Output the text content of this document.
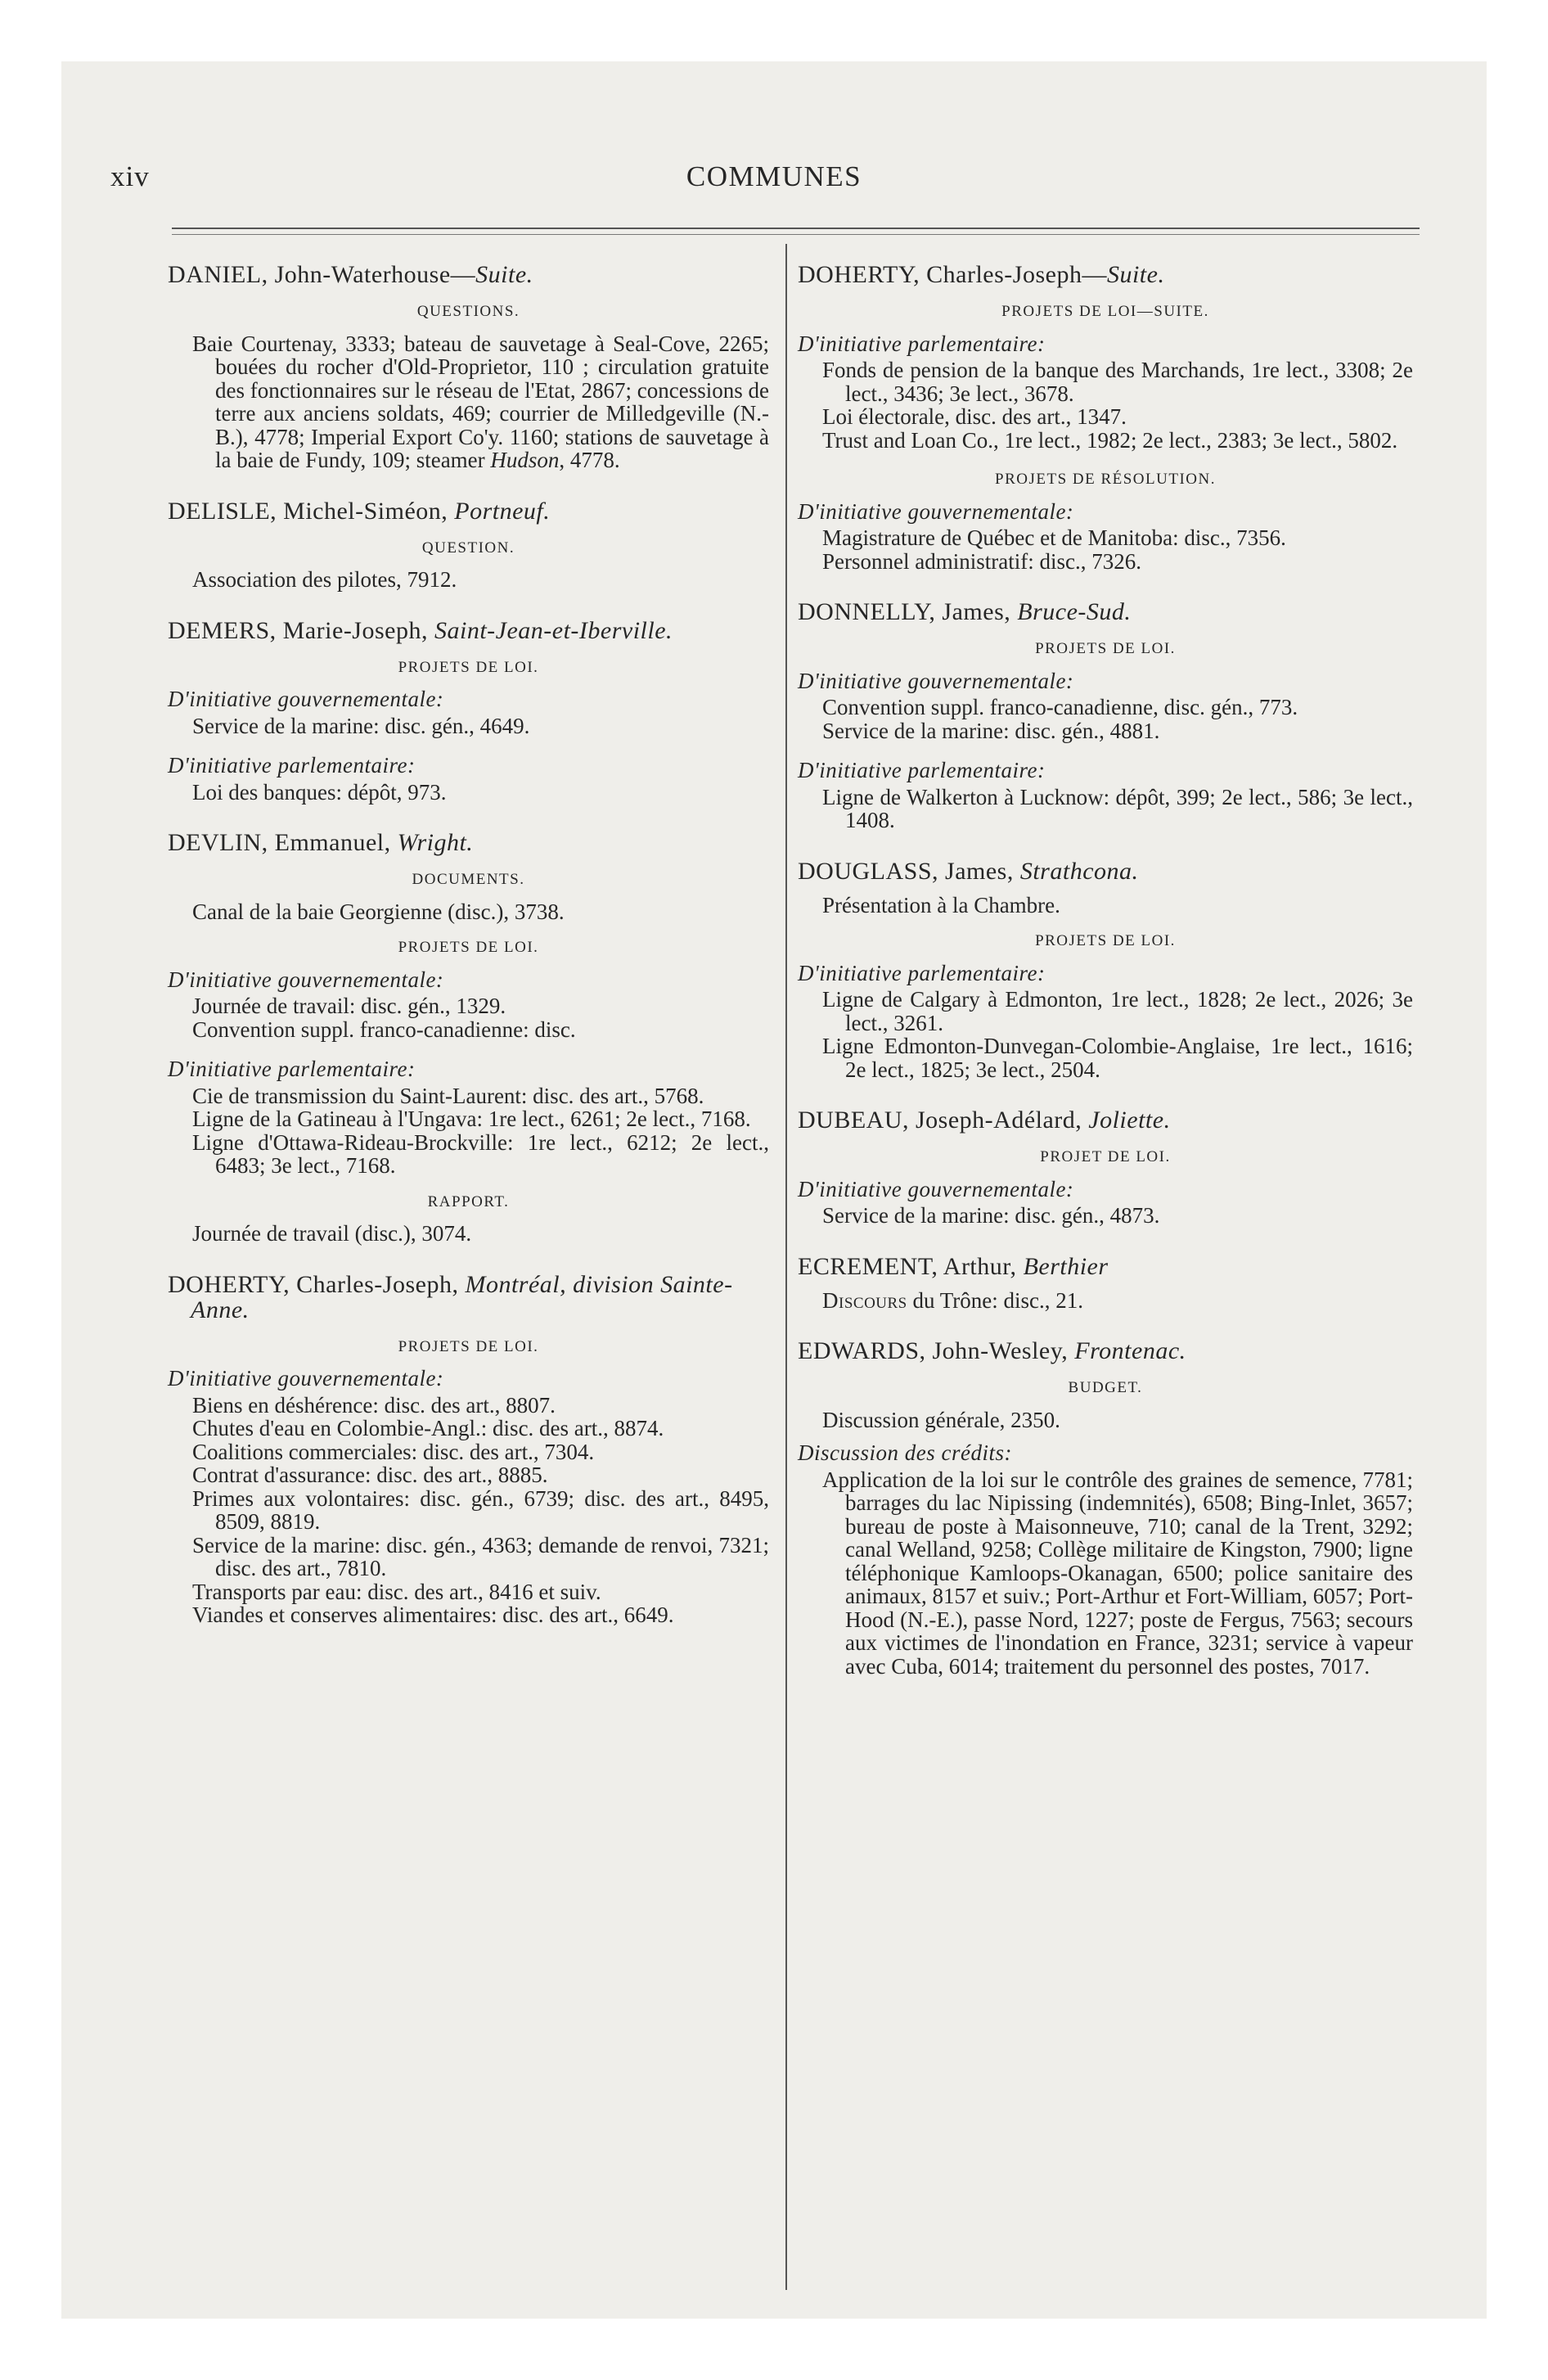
xiv	COMMUNES
DANIEL, John-Waterhouse—Suite.
QUESTIONS.
Baie Courtenay, 3333; bateau de sauvetage à Seal-Cove, 2265; bouées du rocher d'Old-Proprietor, 110 ; circulation gratuite des fonctionnaires sur le réseau de l'Etat, 2867; concessions de terre aux anciens soldats, 469; courrier de Milledgeville (N.-B.), 4778; Imperial Export Co'y. 1160; stations de sauvetage à la baie de Fundy, 109; steamer Hudson, 4778.
DELISLE, Michel-Siméon, Portneuf.
QUESTION.
Association des pilotes, 7912.
DEMERS, Marie-Joseph, Saint-Jean-et-Iberville.
PROJETS DE LOI.
D'initiative gouvernementale:
Service de la marine: disc. gén., 4649.
D'initiative parlementaire:
Loi des banques: dépôt, 973.
DEVLIN, Emmanuel, Wright.
DOCUMENTS.
Canal de la baie Georgienne (disc.), 3738.
PROJETS DE LOI.
D'initiative gouvernementale:
Journée de travail: disc. gén., 1329.
Convention suppl. franco-canadienne: disc.
D'initiative parlementaire:
Cie de transmission du Saint-Laurent: disc. des art., 5768.
Ligne de la Gatineau à l'Ungava: 1re lect., 6261; 2e lect., 7168.
Ligne d'Ottawa-Rideau-Brockville: 1re lect., 6212; 2e lect., 6483; 3e lect., 7168.
RAPPORT.
Journée de travail (disc.), 3074.
DOHERTY, Charles-Joseph, Montréal, division Sainte-Anne.
PROJETS DE LOI.
D'initiative gouvernementale:
Biens en déshérence: disc. des art., 8807.
Chutes d'eau en Colombie-Angl.: disc. des art., 8874.
Coalitions commerciales: disc. des art., 7304.
Contrat d'assurance: disc. des art., 8885.
Primes aux volontaires: disc. gén., 6739; disc. des art., 8495, 8509, 8819.
Service de la marine: disc. gén., 4363; demande de renvoi, 7321; disc. des art., 7810.
Transports par eau: disc. des art., 8416 et suiv.
Viandes et conserves alimentaires: disc. des art., 6649.
DOHERTY, Charles-Joseph—Suite.
PROJETS DE LOI—SUITE.
D'initiative parlementaire:
Fonds de pension de la banque des Marchands, 1re lect., 3308; 2e lect., 3436; 3e lect., 3678.
Loi électorale, disc. des art., 1347.
Trust and Loan Co., 1re lect., 1982; 2e lect., 2383; 3e lect., 5802.
PROJETS DE RÉSOLUTION.
D'initiative gouvernementale:
Magistrature de Québec et de Manitoba: disc., 7356.
Personnel administratif: disc., 7326.
DONNELLY, James, Bruce-Sud.
PROJETS DE LOI.
D'initiative gouvernementale:
Convention suppl. franco-canadienne, disc. gén., 773.
Service de la marine: disc. gén., 4881.
D'initiative parlementaire:
Ligne de Walkerton à Lucknow: dépôt, 399; 2e lect., 586; 3e lect., 1408.
DOUGLASS, James, Strathcona.
Présentation à la Chambre.
PROJETS DE LOI.
D'initiative parlementaire:
Ligne de Calgary à Edmonton, 1re lect., 1828; 2e lect., 2026; 3e lect., 3261.
Ligne Edmonton-Dunvegan-Colombie-Anglaise, 1re lect., 1616; 2e lect., 1825; 3e lect., 2504.
DUBEAU, Joseph-Adélard, Joliette.
PROJET DE LOI.
D'initiative gouvernementale:
Service de la marine: disc. gén., 4873.
ECREMENT, Arthur, Berthier
Discours du Trône: disc., 21.
EDWARDS, John-Wesley, Frontenac.
BUDGET.
Discussion générale, 2350.
Discussion des crédits:
Application de la loi sur le contrôle des graines de semence, 7781; barrages du lac Nipissing (indemnités), 6508; Bing-Inlet, 3657; bureau de poste à Maisonneuve, 710; canal de la Trent, 3292; canal Welland, 9258; Collège militaire de Kingston, 7900; ligne téléphonique Kamloops-Okanagan, 6500; police sanitaire des animaux, 8157 et suiv.; Port-Arthur et Fort-William, 6057; Port-Hood (N.-E.), passe Nord, 1227; poste de Fergus, 7563; secours aux victimes de l'inondation en France, 3231; service à vapeur avec Cuba, 6014; traitement du personnel des postes, 7017.
